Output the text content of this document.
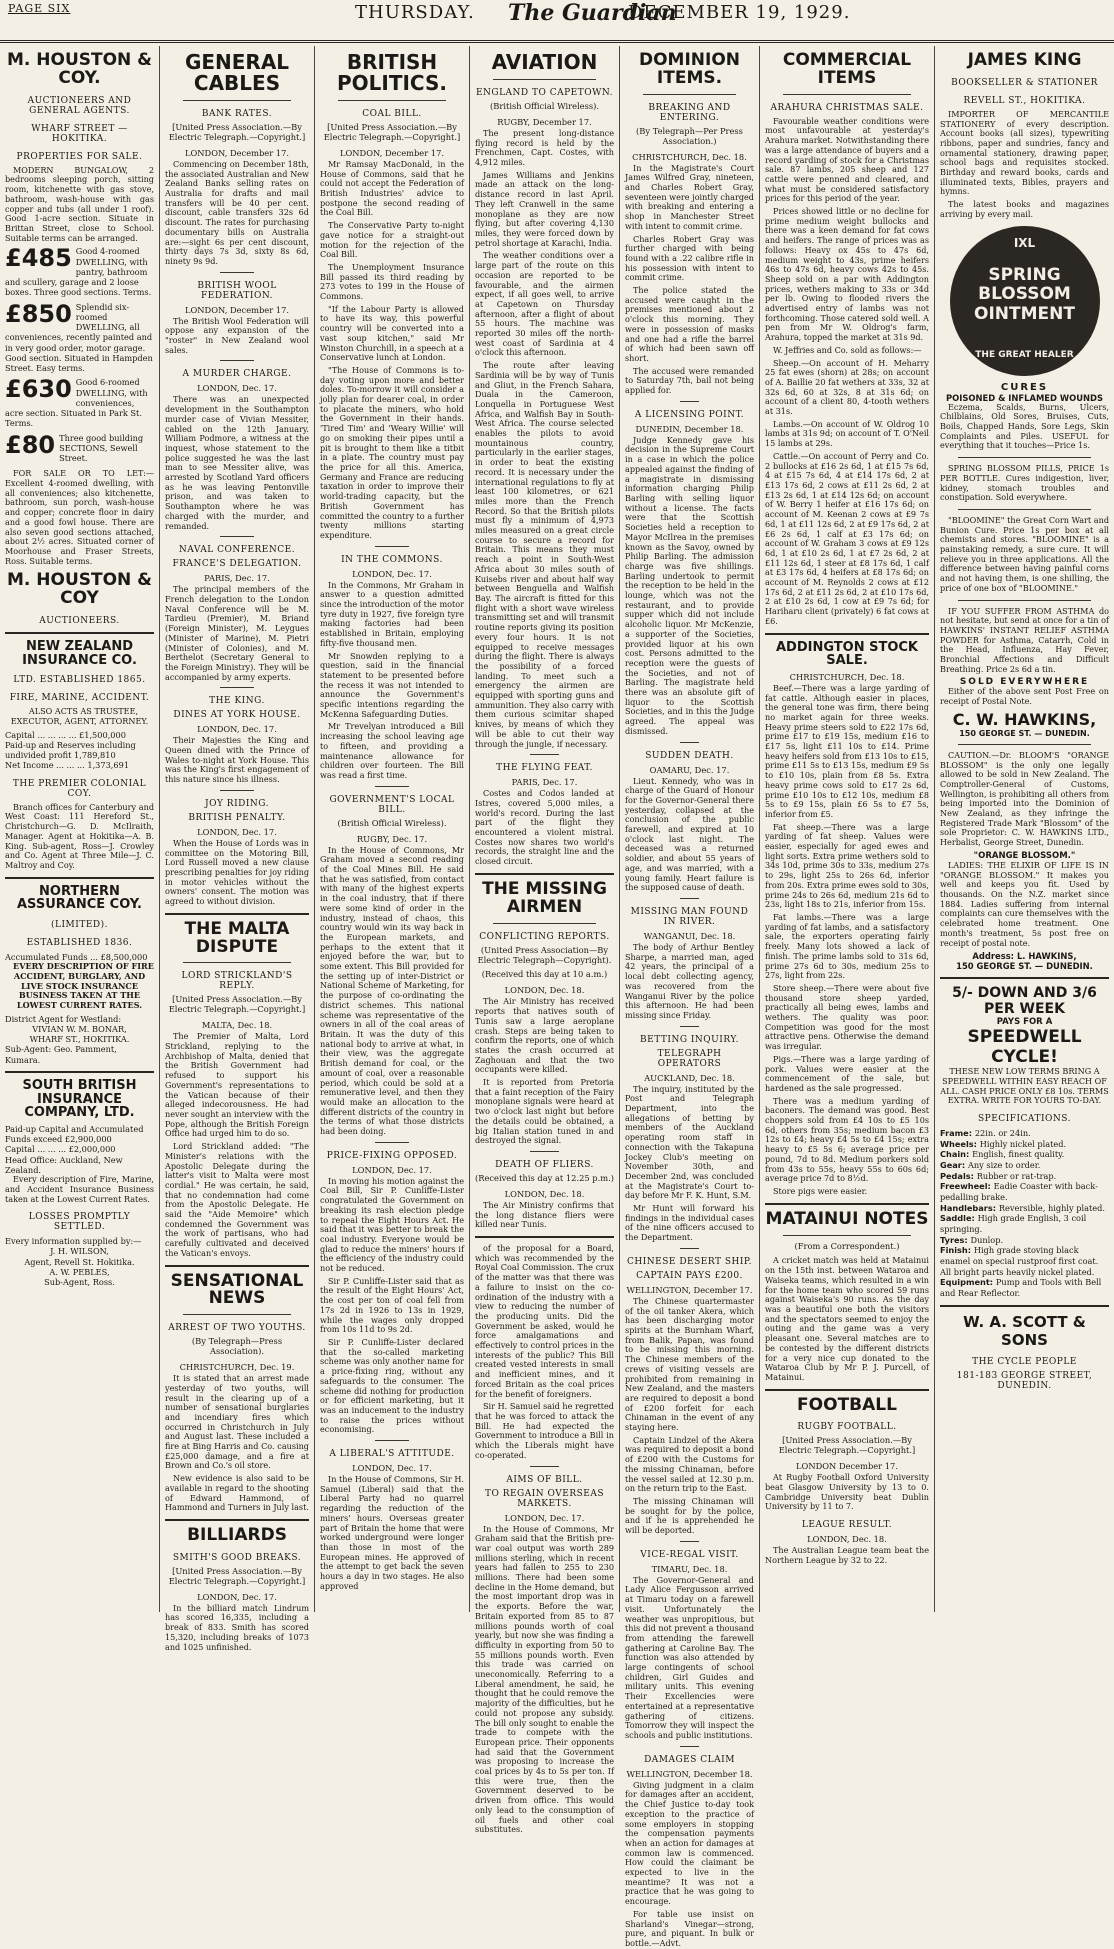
PAGE SIX	THURSDAY. The Guardian
DECEMBER 19, 1929.
M. HOUSTON & COY.
AUCTIONEERS AND GENERAL AGENTS.
WHARF STREET — HOKITIKA.
PROPERTIES FOR SALE.

MODERN BUNGALOW, 2 bedrooms sleeping porch, sitting room, kitchenette with gas stove, bathroom, wash-house with gas copper and tubs (all under 1 roof). Good 1-acre section. Situate in Brittan Street, close to School. Suitable terms can be arranged.

£485 Good 4-roomed DWELLING, with pantry, bathroom and scullery, garage and 2 loose boxes. Three good sections. Terms.
£850 Splendid six-roomed DWELLING, all conveniences, recently painted and in very good order, motor garage. Good section. Situated in Hampden Street. Easy terms.
£630 Good 6-roomed DWELLING, with conveniences, acre section. Situated in Park St. Terms.
£80 Three good building SECTIONS, Sewell Street.

FOR SALE OR TO LET:—Excellent 4-roomed dwelling, with all conveniences; also kitchenette, bathroom, sun porch, wash-house and copper; concrete floor in dairy and a good fowl house. There are also seven good sections attached, about 2½ acres. Situated corner of Moorhouse and Fraser Streets, Ross. Suitable terms.

M. HOUSTON & COY
AUCTIONEERS.
NEW ZEALAND INSURANCE CO.
LTD. ESTABLISHED 1865.
FIRE, MARINE, ACCIDENT.

ALSO ACTS AS TRUSTEE, EXECUTOR, AGENT, ATTORNEY.

Capital ... ... ... ... £1,500,000
Paid-up and Reserves including undivided profit 1,789,810
Net Income ... ... ... 1,373,691
THE PREMIER COLONIAL COY.

Branch offices for Canterbury and West Coast: 111 Hereford St., Christchurch—G. D. McIlraith, Manager. Agent at Hokitika—A. B. King. Sub-agent, Ross—J. Crowley and Co. Agent at Three Mile—J. C. Maltroy and Coy.

NORTHERN ASSURANCE COY.
(LIMITED).
ESTABLISHED 1836.
Accumulated Funds ... £8,500,000

EVERY DESCRIPTION OF FIRE ACCIDENT, BURGLARY, AND LIVE STOCK INSURANCE BUSINESS TAKEN AT THE LOWEST CURRENT RATES.

District Agent for Westland:
VIVIAN W. M. BONAR,
WHARF ST., HOKITIKA.
Sub-Agent: Geo. Pamment, Kumara.
SOUTH BRITISH INSURANCE COMPANY, LTD.
Paid-up Capital and Accumulated Funds exceed £2,900,000
Capital ... ... ... £2,000,000
Head Office: Auckland, New Zealand.

Every description of Fire, Marine, and Accident Insurance Business taken at the Lowest Current Rates.

LOSSES PROMPTLY SETTLED.
Every information supplied by:—
J. H. WILSON,
Agent, Revell St. Hokitika.
A. W. PEBLES,
Sub-Agent, Ross.
GENERAL CABLES
BANK RATES.
[United Press Association.—By Electric Telegraph.—Copyright.]
LONDON, December 17.

Commencing on December 18th, the associated Australian and New Zealand Banks selling rates on Australia for drafts and mail transfers will be 40 per cent. discount, cable transfers 32s 6d discount. The rates for purchasing documentary bills on Australia are:—sight 6s per cent discount, thirty days 7s 3d, sixty 8s 6d, ninety 9s 9d.

BRITISH WOOL FEDERATION.
LONDON, December 17.

The British Wool Federation will oppose any expansion of the "roster" in New Zealand wool sales.

A MURDER CHARGE.
LONDON, Dec. 17.

There was an unexpected development in the Southampton murder case of Vivian Messiter, cabled on the 12th January. William Podmore, a witness at the inquest, whose statement to the police suggested he was the last man to see Messiter alive, was arrested by Scotland Yard officers as he was leaving Pentonville prison, and was taken to Southampton where he was charged with the murder, and remanded.

NAVAL CONFERENCE.
FRANCE'S DELEGATION.
PARIS, Dec. 17.

The principal members of the French delegation to the London Naval Conference will be M. Tardieu (Premier), M. Briand (Foreign Minister), M. Leygues (Minister of Marine), M. Pietri (Minister of Colonies), and M. Berthelot (Secretary General to the Foreign Ministry). They will be accompanied by army experts.

THE KING.
DINES AT YORK HOUSE.
LONDON, Dec. 17.

Their Majesties the King and Queen dined with the Prince of Wales to-night at York House. This was the King's first engagement of this nature since his illness.

JOY RIDING.
BRITISH PENALTY.
LONDON, Dec. 17.

When the House of Lords was in committee on the Motoring Bill, Lord Russell moved a new clause prescribing penalties for joy riding in motor vehicles without the owners' consent. The motion was agreed to without division.

THE MALTA DISPUTE
LORD STRICKLAND'S REPLY.
[United Press Association.—By Electric Telegraph.—Copyright.]
MALTA, Dec. 18.

The Premier of Malta, Lord Strickland, replying to the Archbishop of Malta, denied that the British Government had refused to support his Government's representations to the Vatican because of their alleged indecorousness. He had never sought an interview with the Pope, although the British Foreign Office had urged him to do so.

Lord Strickland added: "The Minister's relations with the Apostolic Delegate during the latter's visit to Malta were most cordial." He was certain, he said, that no condemnation had come from the Apostolic Delegate. He said the "Aide Memoire" which condemned the Government was the work of partisans, who had carefully cultivated and deceived the Vatican's envoys.

SENSATIONAL NEWS
ARREST OF TWO YOUTHS.
(By Telegraph—Press Association).
CHRISTCHURCH, Dec. 19.

It is stated that an arrest made yesterday of two youths, will result in the clearing up of a number of sensational burglaries and incendiary fires which occurred in Christchurch in July and August last. These included a fire at Bing Harris and Co. causing £25,000 damage, and a fire at Brown and Co.'s oil store.

New evidence is also said to be available in regard to the shooting of Edward Hammond, of Hammond and Turners in July last.

BILLIARDS
SMITH'S GOOD BREAKS.
[United Press Association.—By Electric Telegraph.—Copyright.]
LONDON, Dec. 17.

In the billiard match Lindrum has scored 16,335, including a break of 833. Smith has scored 15,320, including breaks of 1073 and 1025 unfinished.

BRITISH POLITICS.
COAL BILL.
[United Press Association.—By Electric Telegraph.—Copyright.]
LONDON, December 17.

Mr Ramsay MacDonald, in the House of Commons, said that he could not accept the Federation of British Industries' advice to postpone the second reading of the Coal Bill.

The Conservative Party to-night gave notice for a straight-out motion for the rejection of the Coal Bill.

The Unemployment Insurance Bill passed its third reading by 273 votes to 199 in the House of Commons.

"If the Labour Party is allowed to have its way, this powerful country will be converted into a vast soup kitchen," said Mr Winston Churchill, in a speech at a Conservative lunch at London.

"The House of Commons is to-day voting upon more and better doles. To-morrow it will consider a jolly plan for dearer coal, in order to placate the miners, who hold the Government in their hands. 'Tired Tim' and 'Weary Willie' will go on smoking their pipes until a pit is brought to them like a titbit in a plate. The country must pay the price for all this. America, Germany and France are reducing taxation in order to improve their world-trading capacity, but the British Government has committed the country to a further twenty millions starting expenditure.

IN THE COMMONS.
LONDON, Dec. 17.

In the Commons, Mr Graham in answer to a question admitted since the introduction of the motor tyre duty in 1927, five foreign tyre making factories had been established in Britain, employing fifty-five thousand men.

Mr Snowden replying to a question, said in the financial statement to be presented before the recess it was not intended to announce the Government's specific intentions regarding the McKenna Safeguarding Duties.

Mr Trevelyan introduced a Bill increasing the school leaving age to fifteen, and providing a maintenance allowance for children over fourteen. The Bill was read a first time.

GOVERNMENT'S LOCAL BILL.
(British Official Wireless).
RUGBY, Dec. 17.

In the House of Commons, Mr Graham moved a second reading of the Coal Mines Bill. He said that he was satisfied, from contact with many of the highest experts in the coal industry, that if there were some kind of order in the industry, instead of chaos, this country would win its way back in the European markets, and perhaps to the extent that it enjoyed before the war, but to some extent. This Bill provided for the setting up of inter-District or National Scheme of Marketing, for the purpose of co-ordinating the district schemes. This national scheme was representative of the owners in all of the coal areas of Britain. It was the duty of this national body to arrive at what, in their view, was the aggregate British demand for coal, or the amount of coal, over a reasonable period, which could be sold at a remunerative level, and then they would make an allocation to the different districts of the country in the terms of what those districts had been doing.

PRICE-FIXING OPPOSED.
LONDON, Dec. 17.

In moving his motion against the Coal Bill, Sir P. Cunliffe-Lister congratulated the Government on breaking its rash election pledge to repeal the Eight Hours Act. He said that it was better to break the coal industry. Everyone would be glad to reduce the miners' hours if the efficiency of the industry could not be reduced.

Sir P. Cunliffe-Lister said that as the result of the Eight Hours' Act, the cost per ton of coal fell from 17s 2d in 1926 to 13s in 1929, while the wages only dropped from 10s 11d to 9s 2d.

Sir P. Cunliffe-Lister declared that the so-called marketing scheme was only another name for a price-fixing ring, without any safeguards to the consumer. The scheme did nothing for production or for efficient marketing, but it was an inducement to the industry to raise the prices without economising.

A LIBERAL'S ATTITUDE.
LONDON, Dec. 17.

In the House of Commons, Sir H. Samuel (Liberal) said that the Liberal Party had no quarrel regarding the reduction of the miners' hours. Overseas greater part of Britain the home that were worked underground were longer than those in most of the European mines. He approved of the attempt to get back the seven hours a day in two stages. He also approved

AVIATION
ENGLAND TO CAPETOWN.
(British Official Wireless).
RUGBY, December 17.

The present long-distance flying record is held by the Frenchmen, Capt. Costes, with 4,912 miles.

James Williams and Jenkins made an attack on the long-distance record in last April. They left Cranwell in the same monoplane as they are now flying, but after covering 4,130 miles, they were forced down by petrol shortage at Karachi, India.

The weather conditions over a large part of the route on this occasion are reported to be favourable, and the airmen expect, if all goes well, to arrive at Capetown on Thursday afternoon, after a flight of about 55 hours. The machine was reported 30 miles off the north-west coast of Sardinia at 4 o'clock this afternoon.

The route after leaving Sardinia will be by way of Tunis and Gliut, in the French Sahara, Duala in the Cameroon, Lonquella in Portuguese West Africa, and Walfish Bay in South-West Africa. The course selected enables the pilots to avoid mountainous country, particularly in the earlier stages, in order to beat the existing record. It is necessary under the international regulations to fly at least 100 kilometres, or 621 miles more than the French Record. So that the British pilots must fly a minimum of 4,973 miles measured on a great circle course to secure a record for Britain. This means they must reach a point in South-West Africa about 30 miles south of Kuisebs river and about half way between Benguella and Walfish Bay. The aircraft is fitted for this flight with a short wave wireless transmitting set and will transmit routine reports giving its position every four hours. It is not equipped to receive messages during the flight. There is always the possibility of a forced landing. To meet such a emergency the airmen are equipped with sporting guns and ammunition. They also carry with them curious scimitar shaped knives, by means of which they will be able to cut their way through the jungle, if necessary.

THE FLYING FEAT.
PARIS, Dec. 17.

Costes and Codos landed at Istres, covered 5,000 miles, a world's record. During the last part of the flight they encountered a violent mistral. Costes now shares two world's records, the straight line and the closed circuit.

THE MISSING AIRMEN
CONFLICTING REPORTS.
(United Press Association—By Electric Telegraph—Copyright).
(Received this day at 10 a.m.)
LONDON, Dec. 18.

The Air Ministry has received reports that natives south of Tunis saw a large aeroplane crash. Steps are being taken to confirm the reports, one of which states the crash occurred at Zaghouan and that the two occupants were killed.

It is reported from Pretoria that a faint reception of the Fairy monoplane signals were heard at two o'clock last night but before the details could be obtained, a big Italian station tuned in and destroyed the signal.

DEATH OF FLIERS.
(Received this day at 12.25 p.m.)
LONDON, Dec. 18.

The Air Ministry confirms that the long distance fliers were killed near Tunis.

of the proposal for a Board, which was recommended by the Royal Coal Commission. The crux of the matter was that there was a failure to insist on the co-ordination of the industry with a view to reducing the number of the producing units. Did the Government be asked, would he force amalgamations and effectively to control prices in the interests of the public? This Bill created vested interests in small and inefficient mines, and it forced Britain as the coal prices for the benefit of foreigners.

Sir H. Samuel said he regretted that he was forced to attack the Bill. He had expected the Government to introduce a Bill in which the Liberals might have co-operated.

AIMS OF BILL.
TO REGAIN OVERSEAS MARKETS.
LONDON, Dec. 17.

In the House of Commons, Mr Graham said that the British pre-war coal output was worth 289 millions sterling, which in recent years had fallen to 255 to 230 millions. There had been some decline in the Home demand, but the most important drop was in the exports. Before the war, Britain exported from 85 to 87 millions pounds worth of coal yearly, but now she was finding a difficulty in exporting from 50 to 55 millions pounds worth. Even this trade was carried on uneconomically. Referring to a Liberal amendment, he said, he thought that he could remove the majority of the difficulties, but he could not propose any subsidy. The bill only sought to enable the trade to compete with the European price. Their opponents had said that the Government was proposing to increase the coal prices by 4s to 5s per ton. If this were true, then the Government deserved to be driven from office. This would only lead to the consumption of oil fuels and other coal substitutes.

DOMINION ITEMS.
BREAKING AND ENTERING.
(By Telegraph—Per Press Association.)
CHRISTCHURCH, Dec. 18.

In the Magistrate's Court James Wilfred Gray, nineteen, and Charles Robert Gray, seventeen were jointly charged with breaking and entering a shop in Manchester Street with intent to commit crime.

Charles Robert Gray was further charged with being found with a .22 calibre rifle in his possession with intent to commit crime.

The police stated the accused were caught in the premises mentioned about 2 o'clock this morning. They were in possession of masks and one had a rifle the barrel of which had been sawn off short.

The accused were remanded to Saturday 7th, bail not being applied for.

A LICENSING POINT.
DUNEDIN, December 18.

Judge Kennedy gave his decision in the Supreme Court in a case in which the police appealed against the finding of a magistrate in dismissing information charging Philip Barling with selling liquor without a license. The facts were that the Scottish Societies held a reception to Mayor McIlrea in the premises known as the Savoy, owned by Philip Barling. The admission charge was five shillings. Barling undertook to permit the reception to be held in the lounge, which was not the restaurant, and to provide supper which did not include alcoholic liquor. Mr McKenzie, a supporter of the Societies, provided liquor at his own cost. Persons admitted to the reception were the guests of the Societies, and not of Barling. The magistrate held there was an absolute gift of liquor to the Scottish Societies, and in this the Judge agreed. The appeal was dismissed.

SUDDEN DEATH.
OAMARU, Dec. 17.

Lieut. Kennedy, who was in charge of the Guard of Honour for the Governor-General there yesterday, collapsed at the conclusion of the public farewell, and expired at 10 o'clock last night. The deceased was a returned soldier, and about 55 years of age, and was married, with a young family. Heart failure is the supposed cause of death.

MISSING MAN FOUND IN RIVER.
WANGANUI, Dec. 18.

The body of Arthur Bentley Sharpe, a married man, aged 42 years, the principal of a local debt collecting agency, was recovered from the Wanganui River by the police this afternoon. He had been missing since Friday.

BETTING INQUIRY.
TELEGRAPH OPERATORS
AUCKLAND, Dec. 18.

The inquiry, instituted by the Post and Telegraph Department, into the allegations of betting by members of the Auckland operating room staff in connection with the Takapuna Jockey Club's meeting on November 30th, and December 2nd, was concluded at the Magistrate's Court to-day before Mr F. K. Hunt, S.M.

Mr Hunt will forward his findings in the individual cases of the nine officers accused to the Department.

CHINESE DESERT SHIP.
CAPTAIN PAYS £200.
WELLINGTON, December 17.

The Chinese quartermaster of the oil tanker Akera, which has been discharging motor spirits at the Burnham Wharf, from Balik, Papan, was found to be missing this morning. The Chinese members of the crews of visiting vessels are prohibited from remaining in New Zealand, and the masters are required to deposit a bond of £200 forfeit for each Chinaman in the event of any staying here.

Captain Lindzel of the Akera was required to deposit a bond of £200 with the Customs for the missing Chinaman, before the vessel sailed at 12.30 p.m. on the return trip to the East.

The missing Chinaman will be sought for by the police, and if he is apprehended he will be deported.

VICE-REGAL VISIT.
TIMARU, Dec. 18.

The Governor-General and Lady Alice Fergusson arrived at Timaru today on a farewell visit. Unfortunately the weather was unpropitious, but this did not prevent a thousand from attending the farewell gathering at Caroline Bay. The function was also attended by large contingents of school children, Girl Guides and military units. This evening Their Excellencies were entertained at a representative gathering of citizens. Tomorrow they will inspect the schools and public institutions.

DAMAGES CLAIM
WELLINGTON, December 18.

Giving judgment in a claim for damages after an accident, the Chief Justice to-day took exception to the practice of some employers in stopping the compensation payments when an action for damages at common law is commenced. How could the claimant be expected to live in the meantime? It was not a practice that he was going to encourage.

For table use insist on Sharland's Vinegar—strong, pure, and piquant. In bulk or bottle.—Advt.

COMMERCIAL ITEMS
ARAHURA CHRISTMAS SALE.

Favourable weather conditions were most unfavourable at yesterday's Arahura market. Notwithstanding there was a large attendance of buyers and a record yarding of stock for a Christmas sale. 87 lambs, 205 sheep and 127 cattle were penned and cleared, and what must be considered satisfactory prices for this period of the year.

Prices showed little or no decline for prime medium weight bullocks and there was a keen demand for fat cows and heifers. The range of prices was as follows: Heavy ox 45s to 47s 6d, medium weight to 43s, prime heifers 46s to 47s 6d, heavy cows 42s to 45s. Sheep sold on a par with Addington prices, wethers making to 33s or 34d per lb. Owing to flooded rivers the advertised entry of lambs was not forthcoming. Those catered sold well. A pen from Mr W. Oldrog's farm, Arahura, topped the market at 31s 9d.

W. Jeffries and Co. sold as follows:—

Sheep.—On account of H. Meharry 25 fat ewes (shorn) at 28s; on account of A. Baillie 20 fat wethers at 33s, 32 at 32s 6d, 60 at 32s, 8 at 31s 6d; on account of a client 80, 4-tooth wethers at 31s.

Lambs.—On account of W. Oldrog 10 lambs at 31s 9d; on account of T. O'Neil 15 lambs at 29s.

Cattle.—On account of Perry and Co. 2 bullocks at £16 2s 6d, 1 at £15 7s 6d, 4 at £15 7s 6d, 4 at £14 17s 6d, 2 at £13 17s 6d, 2 cows at £11 2s 6d, 2 at £13 2s 6d, 1 at £14 12s 6d; on account of W. Berry 1 heifer at £16 17s 6d; on account of M. Keenan 2 cows at £9 7s 6d, 1 at £11 12s 6d, 2 at £9 17s 6d, 2 at £6 2s 6d, 1 calf at £3 17s 6d; on account of W. Graham 3 cows at £9 12s 6d, 1 at £10 2s 6d, 1 at £7 2s 6d, 2 at £11 12s 6d, 1 steer at £8 17s 6d, 1 calf at £3 17s 6d, 4 heifers at £8 17s 6d; on account of M. Reynolds 2 cows at £12 17s 6d, 2 at £11 2s 6d, 2 at £10 17s 6d, 2 at £10 2s 6d, 1 cow at £9 7s 6d; for Hariharu client (privately) 6 fat cows at £6.

ADDINGTON STOCK SALE.
CHRISTCHURCH, Dec. 18.

Beef.—There was a large yarding of fat cattle. Although easier in places, the general tone was firm, there being no market again for three weeks. Heavy prime steers sold to £22 17s 6d, prime £17 to £19 15s, medium £16 to £17 5s, light £11 10s to £14. Prime heavy heifers sold from £13 10s to £15, prime £11 5s to £13 15s, medium £9 5s to £10 10s, plain from £8 5s. Extra heavy prime cows sold to £17 2s 6d, prime £10 10s to £12 10s, medium £8 5s to £9 15s, plain £6 5s to £7 5s, inferior from £5.

Fat sheep.—There was a large yarding of fat sheep. Values were easier, especially for aged ewes and light sorts. Extra prime wethers sold to 34s 10d, prime 30s to 33s, medium 27s to 29s, light 25s to 26s 6d, inferior from 20s. Extra prime ewes sold to 30s, prime 24s to 26s 6d, medium 21s 6d to 23s, light 18s to 21s, inferior from 15s.

Fat lambs.—There was a large yarding of fat lambs, and a satisfactory sale, the exporters operating fairly freely. Many lots showed a lack of finish. The prime lambs sold to 31s 6d, prime 27s 6d to 30s, medium 25s to 27s, light from 22s.

Store sheep.—There were about five thousand store sheep yarded, practically all being ewes, lambs and wethers. The quality was poor. Competition was good for the most attractive pens. Otherwise the demand was irregular.

Pigs.—There was a large yarding of pork. Values were easier at the commencement of the sale, but hardened as the sale progressed.

There was a medium yarding of baconers. The demand was good. Best choppers sold from £4 10s to £5 10s 6d, others from 35s; medium bacon £3 12s to £4; heavy £4 5s to £4 15s; extra heavy to £5 5s 6; average price per pound, 7d to 8d. Medium porkers sold from 43s to 55s, heavy 55s to 60s 6d; average price 7d to 8½d.

Store pigs were easier.

MATAINUI NOTES
(From a Correspondent.)

A cricket match was held at Matainui on the 15th inst. between Wataroa and Waiseka teams, which resulted in a win for the home team who scored 59 runs against Waiseka's 90 runs. As the day was a beautiful one both the visitors and the spectators seemed to enjoy the outing and the game was a very pleasant one. Several matches are to be contested by the different districts for a very nice cup donated to the Wataroa Club by Mr P. J. Purcell, of Matainui.

FOOTBALL
RUGBY FOOTBALL.
[United Press Association.—By Electric Telegraph.—Copyright.]
LONDON December 17.

At Rugby Football Oxford University beat Glasgow University by 13 to 0. Cambridge University beat Dublin University by 11 to 7.

LEAGUE RESULT.
LONDON, Dec. 18.

The Australian League team beat the Northern League by 32 to 22.

JAMES KING
BOOKSELLER & STATIONER
REVELL ST., HOKITIKA.

IMPORTER OF MERCANTILE STATIONERY of every description. Account books (all sizes), typewriting ribbons, paper and sundries, fancy and ornamental stationery, drawing paper, school bags and requisites stocked. Birthday and reward books, cards and illuminated texts, Bibles, prayers and hymns.

The latest books and magazines arriving by every mail.

IXL
SPRING BLOSSOM OINTMENT
THE GREAT HEALER
CURES
POISONED & INFLAMED WOUNDS

Eczema, Scalds, Burns, Ulcers, Chilblains, Old Sores, Bruises, Cuts, Boils, Chapped Hands, Sore Legs, Skin Complaints and Piles. USEFUL for everything that it touches—Price 1s.

SPRING BLOSSOM PILLS, PRICE 1s PER BOTTLE. Cures indigestion, liver, kidney, stomach troubles and constipation. Sold everywhere.

"BLOOMINE" the Great Corn Wart and Bunion Cure. Price 1s per box at all chemists and stores. "BLOOMINE" is a painstaking remedy, a sure cure. It will relieve you in three applications. All the difference between having painful corns and not having them, is one shilling, the price of one box of "BLOOMINE."

IF YOU SUFFER FROM ASTHMA do not hesitate, but send at once for a tin of HAWKINS' INSTANT RELIEF ASTHMA POWDER for Asthma, Catarrh, Cold in the Head, Influenza, Hay Fever, Bronchial Affections and Difficult Breathing. Price 2s 6d a tin.

SOLD EVERYWHERE

Either of the above sent Post Free on receipt of Postal Note.

C. W. HAWKINS,
150 GEORGE ST. — DUNEDIN.

CAUTION.—Dr. BLOOM'S "ORANGE BLOSSOM" is the only one legally allowed to be sold in New Zealand. The Comptroller-General of Customs, Wellington, is prohibiting all others from being imported into the Dominion of New Zealand, as they infringe the Registered Trade Mark "Blossom" of the sole Proprietor: C. W. HAWKINS LTD., Herbalist, George Street, Dunedin.

"ORANGE BLOSSOM."

LADIES: THE ELIXIR OF LIFE IS IN "ORANGE BLOSSOM." It makes you well and keeps you fit. Used by thousands. On the N.Z. market since 1884. Ladies suffering from internal complaints can cure themselves with the celebrated home treatment. One month's treatment, 5s post free on receipt of postal note.

Address: L. HAWKINS,
150 GEORGE ST. — DUNEDIN.
5/- DOWN AND 3/6 PER WEEK
PAYS FOR A
SPEEDWELL CYCLE!

THESE NEW LOW TERMS BRING A SPEEDWELL WITHIN EASY REACH OF ALL. CASH PRICE ONLY £8 10s. TERMS EXTRA. WRITE FOR YOURS TO-DAY.

SPECIFICATIONS.
Frame: 22in. or 24in.
Wheels: Highly nickel plated.
Chain: English, finest quality.
Gear: Any size to order.
Pedals: Rubber or rat-trap.
Freewheel: Eadie Coaster with back-pedalling brake.
Handlebars: Reversible, highly plated.
Saddle: High grade English, 3 coil springing.
Tyres: Dunlop.
Finish: High grade stoving black enamel on special rustproof first coat. All bright parts heavily nickel plated.
Equipment: Pump and Tools with Bell and Rear Reflector.
W. A. SCOTT & SONS
THE CYCLE PEOPLE
181-183 GEORGE STREET, DUNEDIN.
